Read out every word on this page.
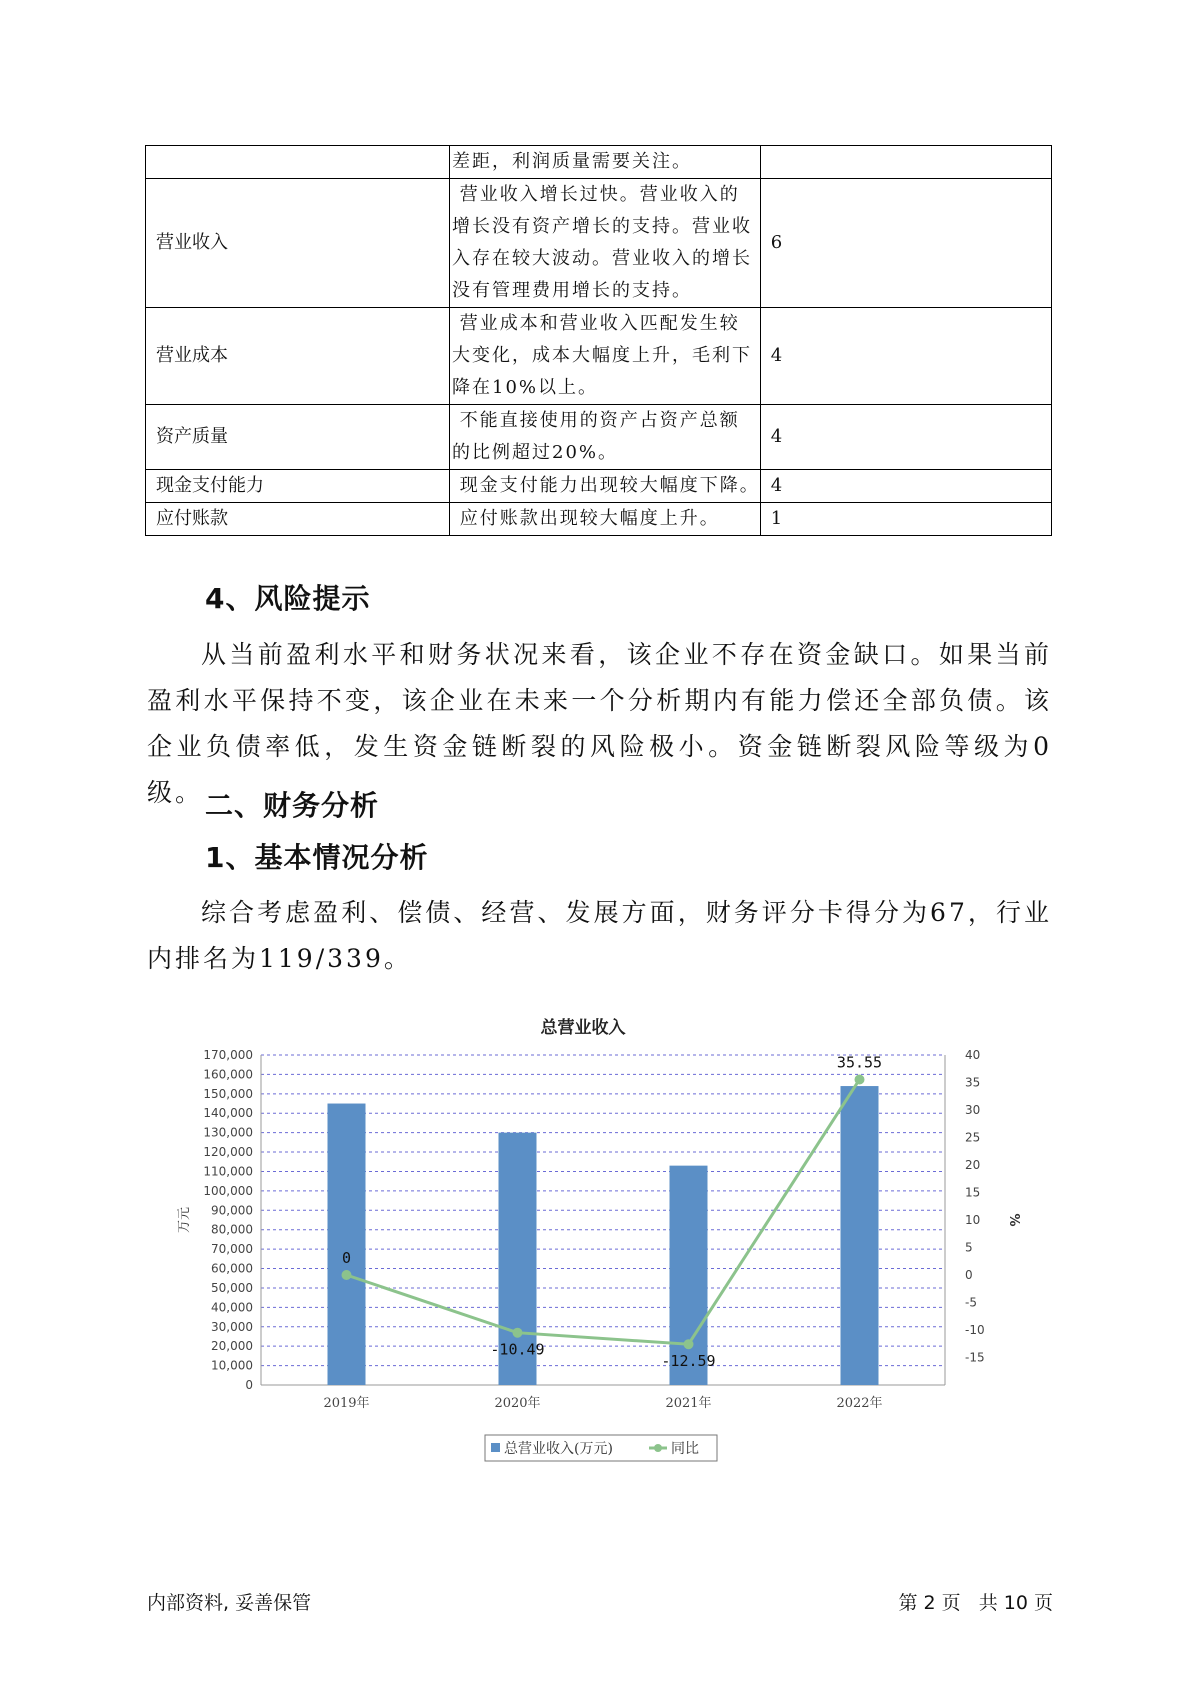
	差距，利润质量需要关注。	

营业收入	营业收入增长过快。营业收入的
增长没有资产增长的支持。营业收
入存在较大波动。营业收入的增长
没有管理费用增长的支持。	6
营业成本	营业成本和营业收入匹配发生较
大变化，成本大幅度上升，毛利下
降在10%以上。	4
资产质量	不能直接使用的资产占资产总额
的比例超过20%。	4
现金支付能力	现金支付能力出现较大幅度下降。	4
应付账款	应付账款出现较大幅度上升。	1
4、风险提示
从当前盈利水平和财务状况来看，该企业不存在资金缺口。如果当前盈利水平保持不变，该企业在未来一个分析期内有能力偿还全部负债。该企业负债率低，发生资金链断裂的风险极小。资金链断裂风险等级为0级。 二、财务分析
1、基本情况分析
综合考虑盈利、偿债、经营、发展方面，财务评分卡得分为67，行业内排名为119/339。
总营业收入
0
10,000
20,000
30,000
40,000
50,000
60,000
70,000
80,000
90,000
100,000
110,000
120,000
130,000
140,000
150,000
160,000
170,000	40
35
30
25
20
15
10
5
0
-5
-10
-15
万元	%
2019年	2020年	2021年	2022年
0
-10.49
-12.59
35.55
总营业收入(万元)	同比
内部资料, 妥善保管	第 2 页   共 10 页
